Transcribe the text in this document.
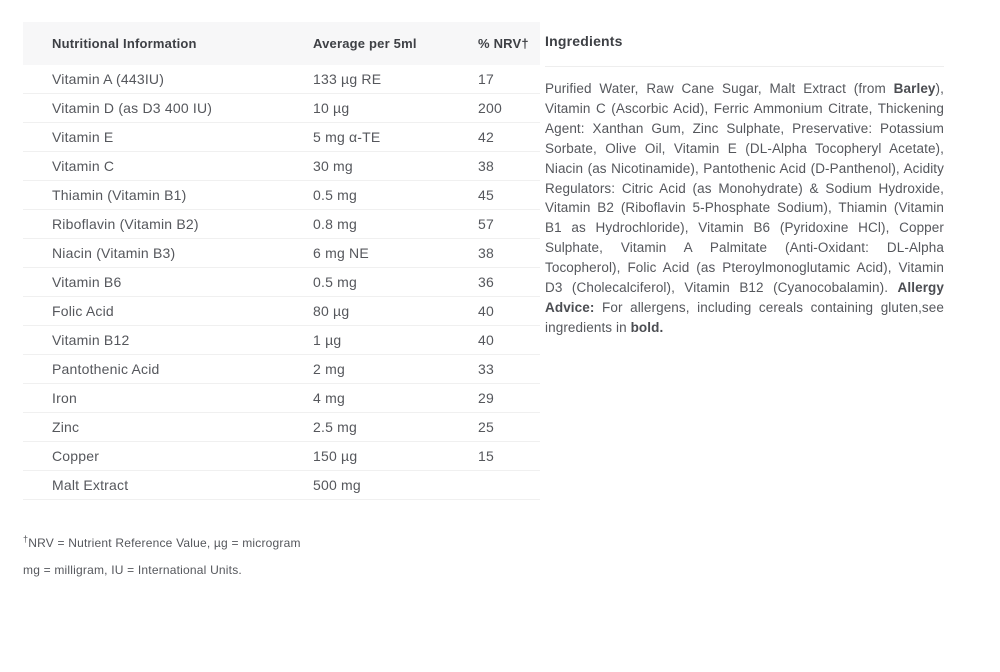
Nutritional Information	Average per 5ml	% NRV†
Vitamin A (443IU)	133 µg RE	17
Vitamin D (as D3 400 IU)	10 µg	200
Vitamin E	5 mg α-TE	42
Vitamin C	30 mg	38
Thiamin (Vitamin B1)	0.5 mg	45
Riboflavin (Vitamin B2)	0.8 mg	57
Niacin (Vitamin B3)	6 mg NE	38
Vitamin B6	0.5 mg	36
Folic Acid	80 µg	40
Vitamin B12	1 µg	40
Pantothenic Acid	2 mg	33
Iron	4 mg	29
Zinc	2.5 mg	25
Copper	150 µg	15
Malt Extract	500 mg

†NRV = Nutrient Reference Value, µg = microgram

mg = milligram, IU = International Units.

Ingredients

Purified Water, Raw Cane Sugar, Malt Extract (from Barley), Vitamin C (Ascorbic Acid), Ferric Ammonium Citrate, Thickening Agent: Xanthan Gum, Zinc Sulphate, Preservative: Potassium Sorbate, Olive Oil, Vitamin E (DL-Alpha Tocopheryl Acetate), Niacin (as Nicotinamide), Pantothenic Acid (D-Panthenol), Acidity Regulators: Citric Acid (as Monohydrate) & Sodium Hydroxide, Vitamin B2 (Riboflavin 5-Phosphate Sodium), Thiamin (Vitamin B1 as Hydrochloride), Vitamin B6 (Pyridoxine HCl), Copper Sulphate, Vitamin A Palmitate (Anti-Oxidant: DL-Alpha Tocopherol), Folic Acid (as Pteroylmonoglutamic Acid), Vitamin D3 (Cholecalciferol), Vitamin B12 (Cyanocobalamin). Allergy Advice: For allergens, including cereals containing gluten,see ingredients in bold.
